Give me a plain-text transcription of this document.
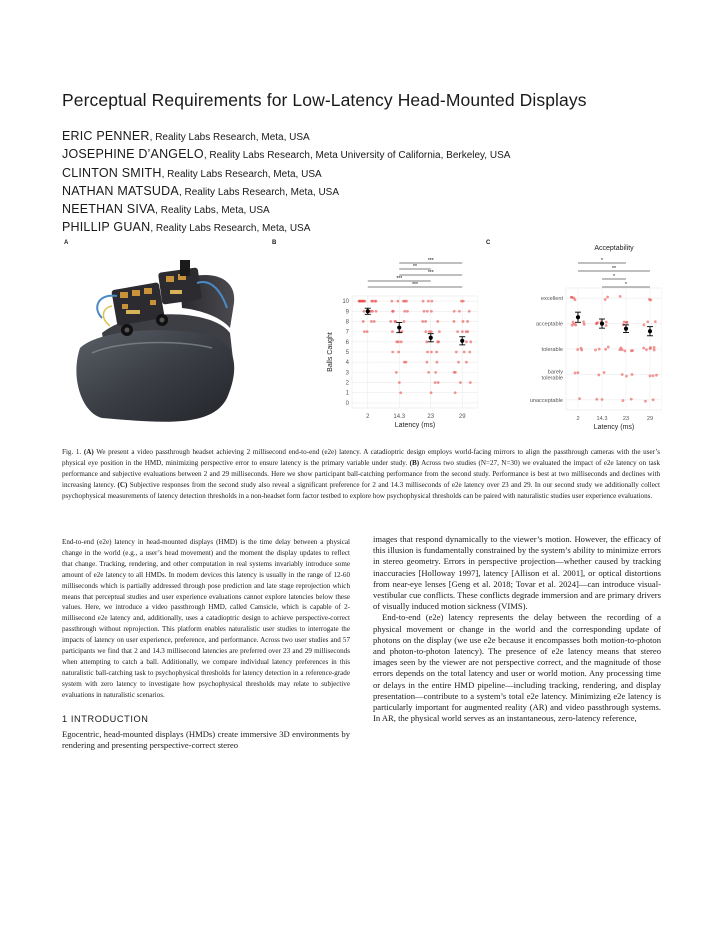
Perceptual Requirements for Low-Latency Head-Mounted Displays
ERIC PENNER, Reality Labs Research, Meta, USA
JOSEPHINE D’ANGELO, Reality Labs Research, Meta University of California, Berkeley, USA
CLINTON SMITH, Reality Labs Research, Meta, USA
NATHAN MATSUDA, Reality Labs Research, Meta, USA
NEETHAN SIVA, Reality Labs, Meta, USA
PHILLIP GUAN, Reality Labs Research, Meta, USA
A	B	C
0
1
2
3
4
5
6
7
8
9
10
2	14.3	23	29
Latency (ms)
Balls Caught
***
**
***
***
***
unacceptable
barely
tolerable
tolerable
acceptable
excellent
2	14.3	23	29
Latency (ms)
Acceptability
*
**
*
*
Fig. 1. (A) We present a video passthrough headset achieving 2 millisecond end-to-end (e2e) latency. A catadioptric design employs world-facing mirrors to align the passthrough cameras with the user’s physical eye position in the HMD, minimizing perspective error to ensure latency is the primary variable under study. (B) Across two studies (N=27, N=30) we evaluated the impact of e2e latency on task performance and subjective evaluations between 2 and 29 milliseconds. Here we show participant ball-catching performance from the second study. Performance is best at two milliseconds and declines with increasing latency. (C) Subjective responses from the second study also reveal a significant preference for 2 and 14.3 milliseconds of e2e latency over 23 and 29. In our second study we additionally collect psychophysical measurements of latency detection thresholds in a non-headset form factor testbed to explore how psychophysical thresholds can be paired with naturalistic studies user experience evaluations.

End-to-end (e2e) latency in head-mounted displays (HMD) is the time delay between a physical change in the world (e.g., a user’s head movement) and the moment the display updates to reflect that change. Tracking, rendering, and other computation in real systems invariably introduce some amount of e2e latency to all HMDs. In modern devices this latency is usually in the range of 12-60 milliseconds which is partially addressed through pose prediction and late stage reprojection which means that perceptual studies and user experience evaluations cannot explore latencies below these values. Here, we introduce a video passthrough HMD, called Camsicle, which is capable of 2-millisecond e2e latency and, additionally, uses a catadioptric design to achieve perspective-correct passthrough without reprojection. This platform enables naturalistic user studies to interrogate the impacts of latency on user experience, preference, and performance. Across two user studies and 57 participants we find that 2 and 14.3 millisecond latencies are preferred over 23 and 29 milliseconds when attempting to catch a ball. Additionally, we compare individual latency preferences in this naturalistic ball-catching task to psychophysical thresholds for latency detection in a reference-grade system with zero latency to investigate how psychophysical thresholds may relate to subjective evaluations in naturalistic scenarios.

1 INTRODUCTION

Egocentric, head-mounted displays (HMDs) create immersive 3D environments by rendering and presenting perspective-correct stereo

images that respond dynamically to the viewer’s motion. However, the efficacy of this illusion is fundamentally constrained by the system’s ability to minimize errors in stereo geometry. Errors in perspective projection—whether caused by tracking inaccuracies [Holloway 1997], latency [Allison et al. 2001], or optical distortions from near-eye lenses [Geng et al. 2018; Tovar et al. 2024]—can introduce visual-vestibular cue conflicts. These conflicts degrade immersion and are primary drivers of visually induced motion sickness (VIMS).

End-to-end (e2e) latency represents the delay between the recording of a physical movement or change in the world and the corresponding update of photons on the display (we use e2e because it encompasses both motion-to-photon and photon-to-photon latency). The presence of e2e latency means that stereo images seen by the viewer are not perspective correct, and the magnitude of those errors depends on the total latency and user or world motion. Any processing time or delays in the entire HMD pipeline—including tracking, rendering, and display presentation—contribute to a system’s total e2e latency. Minimizing e2e latency is particularly important for augmented reality (AR) and video passthrough systems. In AR, the physical world serves as an instantaneous, zero-latency reference,
